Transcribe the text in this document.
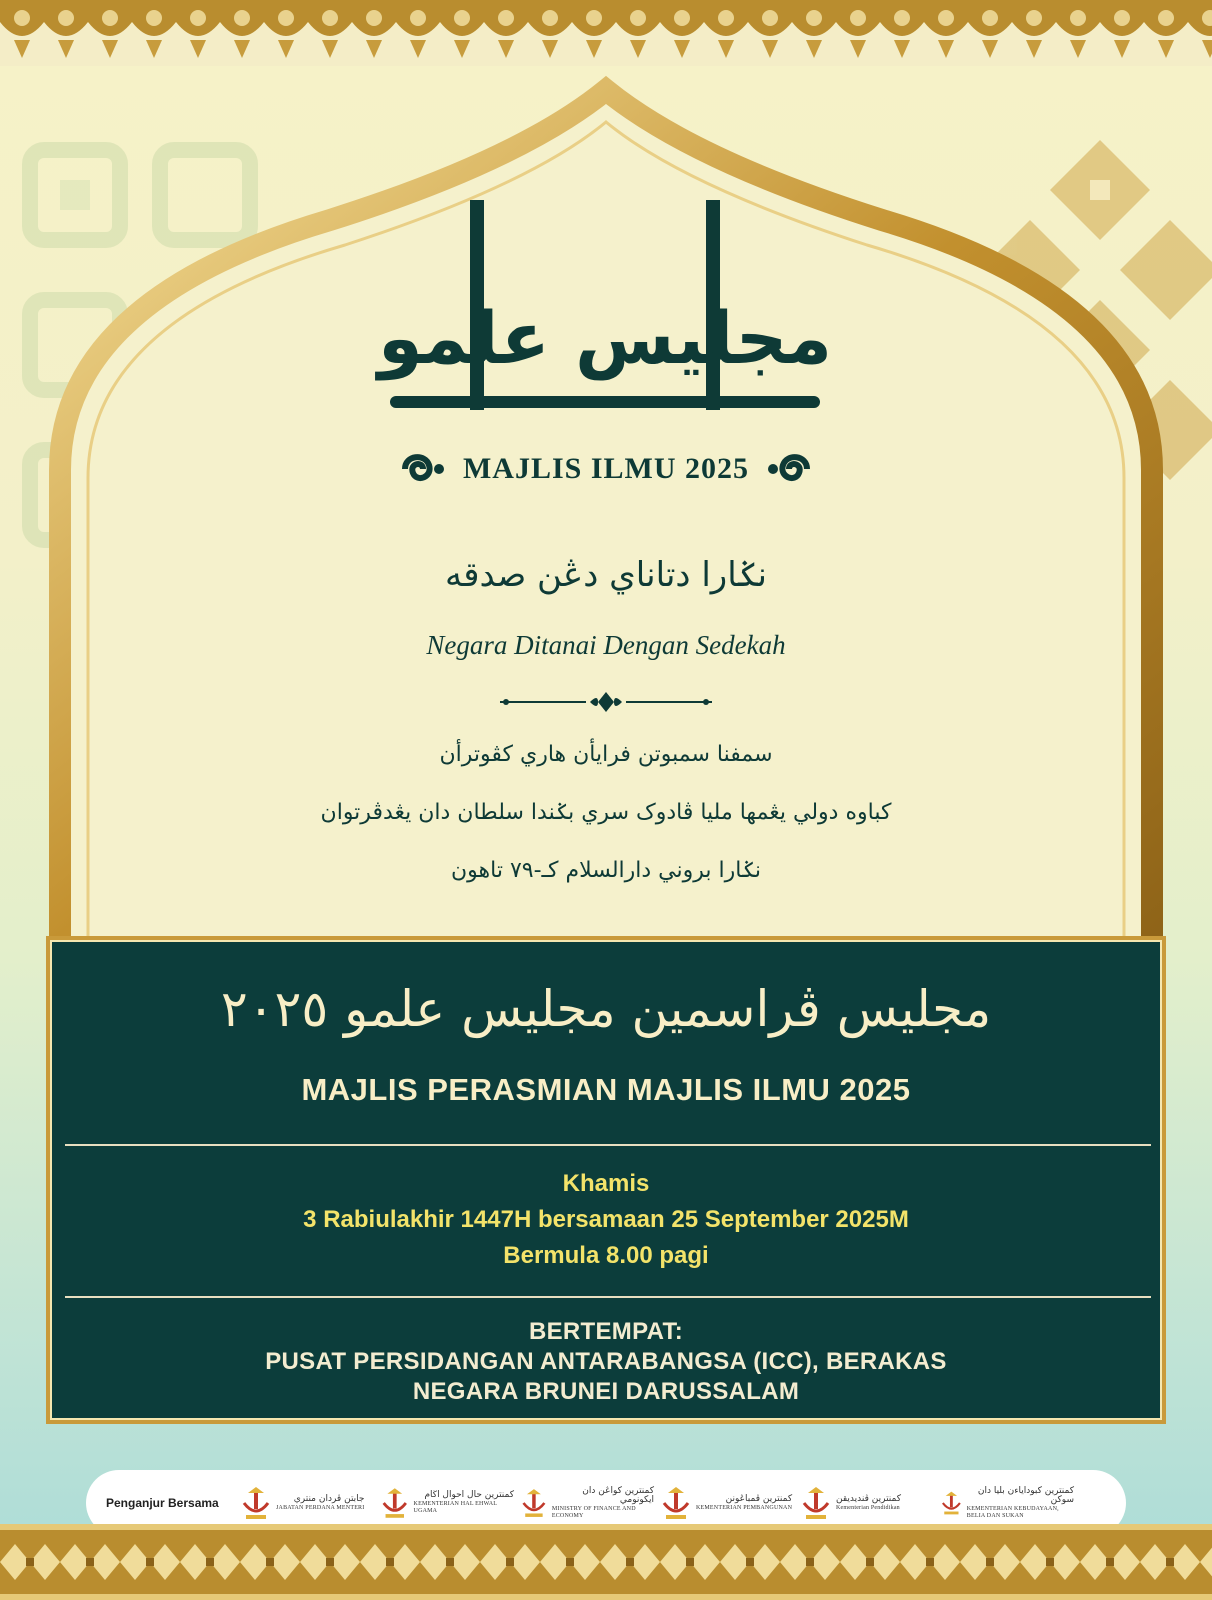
مجليس علمو
MAJLIS ILMU 2025
نݢارا دتاناي دڠن صدقه
Negara Ditanai Dengan Sedekah
سمفنا سمبوتن فرايأن هاري كڤوترأن
كباوه دولي يڠمها مليا ڤادوک سري بݢندا سلطان دان يڠدڤرتوان
نݢارا بروني دارالسلام کـ-٧٩ تاهون
مجليس ڤراسمين مجليس علمو ٢٠٢٥
MAJLIS PERASMIAN MAJLIS ILMU 2025
Khamis
3 Rabiulakhir 1447H bersamaan 25 September 2025M
Bermula 8.00 pagi
BERTEMPAT:
PUSAT PERSIDANGAN ANTARABANGSA (ICC), BERAKAS
NEGARA BRUNEI DARUSSALAM
Penganjur Bersama	جابتن ڤردان منتري
JABATAN PERDANA MENTERI
كمنترين حال احوال اڬام
KEMENTERIAN HAL EHWAL UGAMA
كمنترين كواڠن دان ايكونومي
MINISTRY OF FINANCE AND ECONOMY
كمنترين ڤمباڠونن
KEMENTERIAN PEMBANGUNAN
كمنترين ڤنديديقن
Kementerian Pendidikan
كمنترين كبوداياءن بليا دان سوكن
KEMENTERIAN KEBUDAYAAN, BELIA DAN SUKAN
